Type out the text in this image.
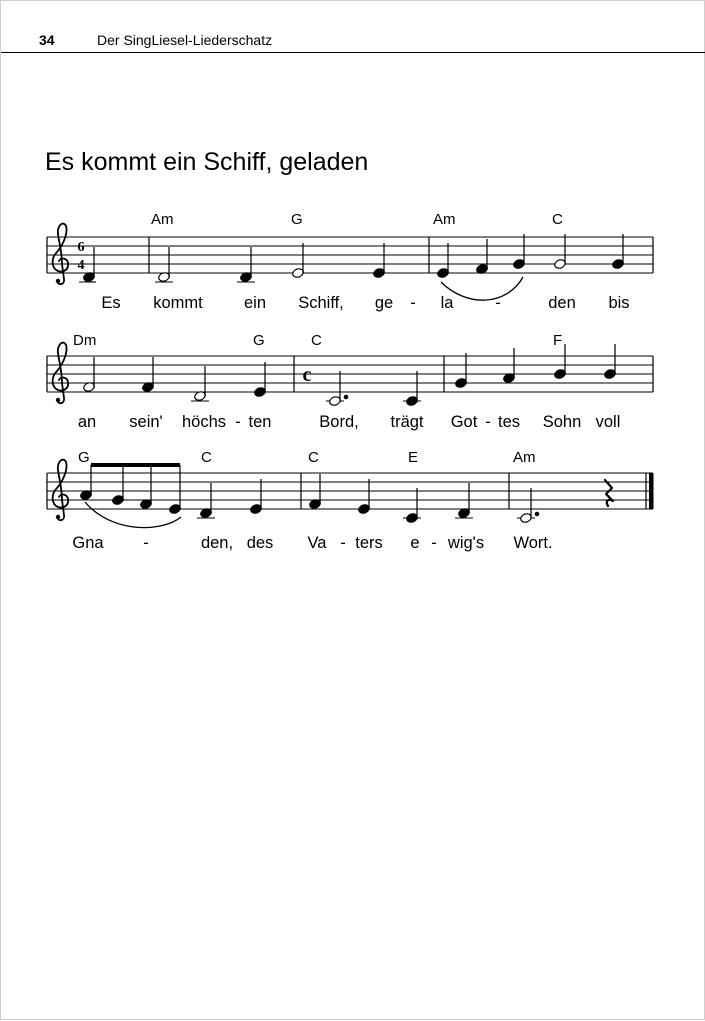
34	Der SingLiesel-Liederschatz
Es kommt ein Schiff, geladen
6
4
Am	G	Am	C
Es kommt ein Schiff, ge - la	-	den bis
c
Dm	G	C	F
an sein' höchs - ten	Bord, trägt Got - tes Sohn voll
G	C	C	E	Am
Gna -	den, des Va - ters e - wig's Wort.
